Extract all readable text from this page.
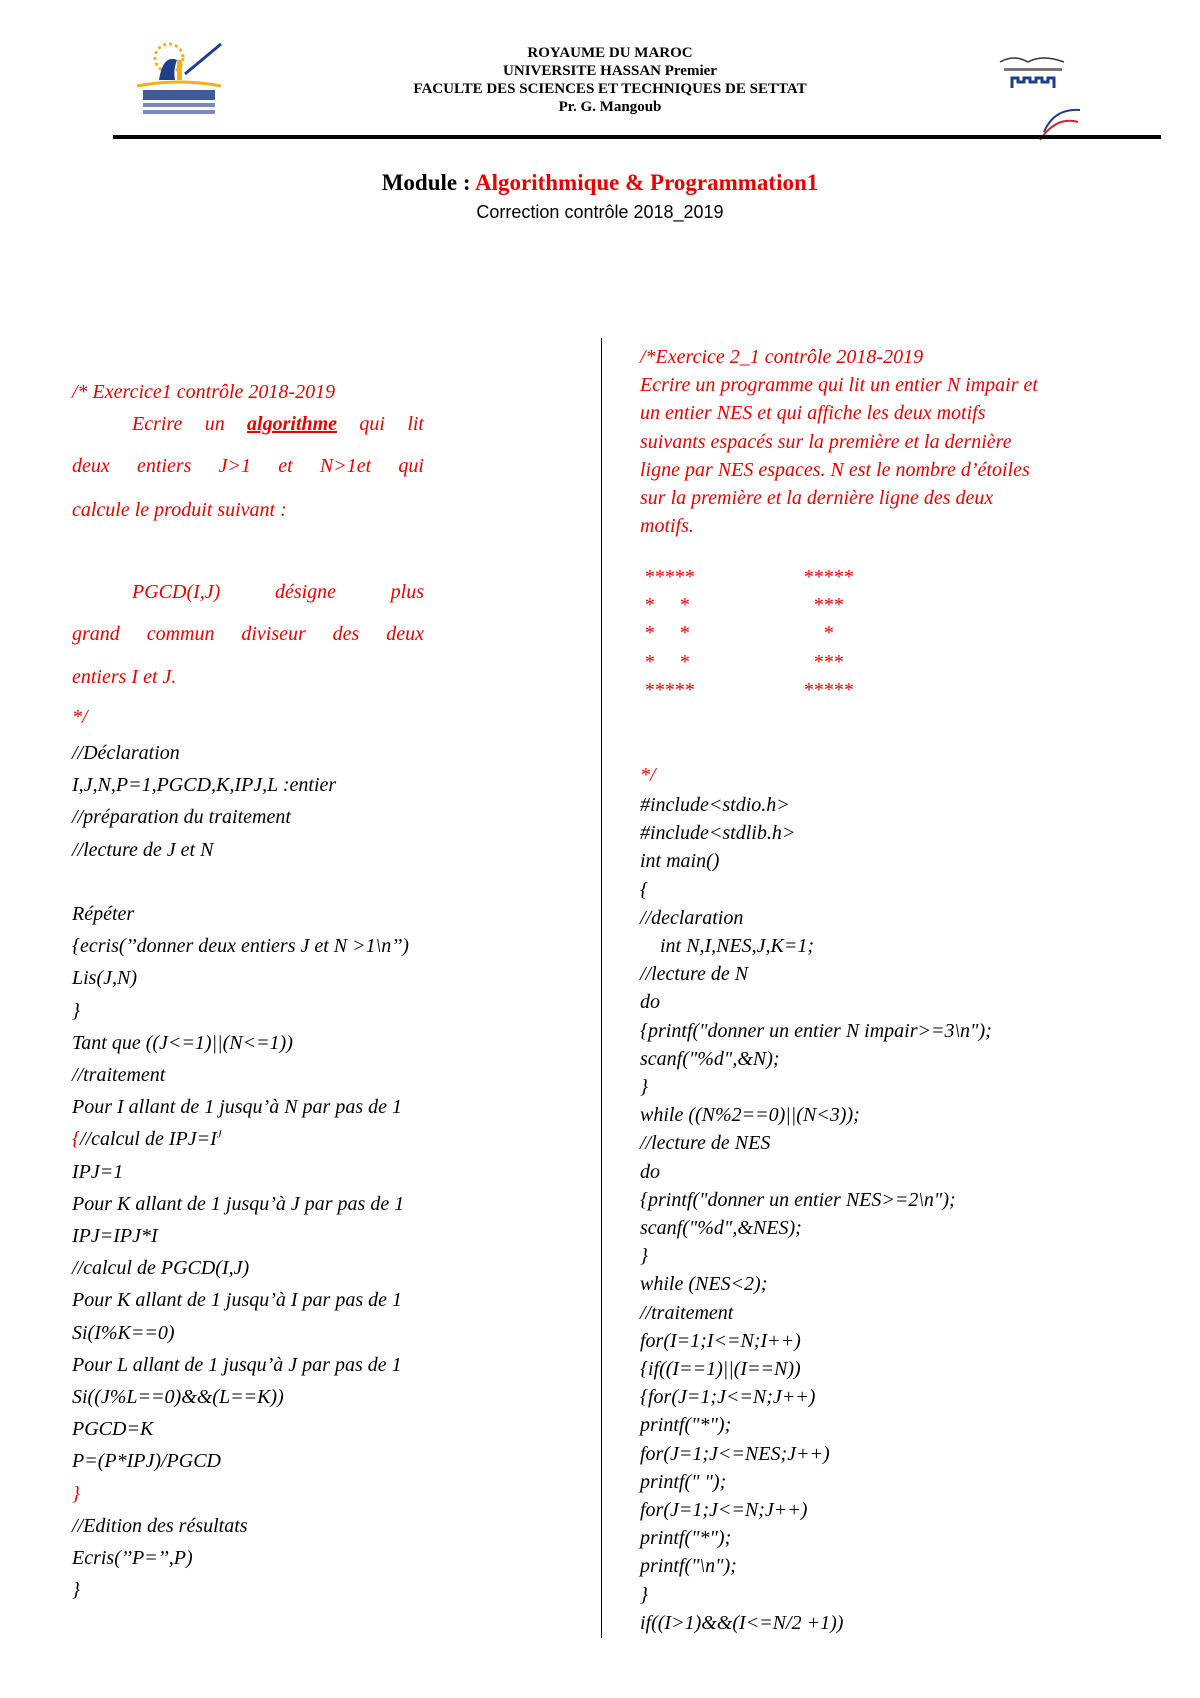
ROYAUME DU MAROC
UNIVERSITE HASSAN Premier
FACULTE DES SCIENCES ET TECHNIQUES DE SETTAT
Pr. G. Mangoub
Module : Algorithmique & Programmation1
Correction contrôle 2018_2019
/* Exercice1 contrôle 2018-2019
Ecrire un algorithme qui lit
deux entiers J>1 et N>1et qui
calcule le produit suivant :
PGCD(I,J)	désigne	plus
grand commun diviseur des deux
entiers I et J.
*/
//Déclaration
I,J,N,P=1,PGCD,K,IPJ,L :entier
//préparation du traitement
//lecture de J et N
Répéter
{ecris(’’donner deux entiers J et N >1\n’’)
Lis(J,N)
}
Tant que ((J<=1)||(N<=1))
//traitement
Pour I allant de 1 jusqu’à N par pas de 1
{//calcul de $IPJ=I^J$
IPJ=1
Pour K allant de 1 jusqu’à J par pas de 1
IPJ=IPJ*I
//calcul de PGCD(I,J)
Pour K allant de 1 jusqu’à I par pas de 1
Si(I%K==0)
Pour L allant de 1 jusqu’à J par pas de 1
Si((J%L==0)&&(L==K))
PGCD=K
P=(P*IPJ)/PGCD
}
//Edition des résultats
Ecris(’’P=’’,P)
}
/*Exercice 2_1 contrôle 2018-2019
Ecrire un programme qui lit un entier N impair et
un entier NES et qui affiche les deux motifs
suivants espacés sur la première et la dernière
ligne par NES espaces. N est le nombre d’étoiles
sur la première et la dernière ligne des deux
motifs.
*****
*     *
*     *
*     *
*****
*****
***
*
***
*****
*/
#include<stdio.h>
#include<stdlib.h>
int main()
{
//declaration
int N,I,NES,J,K=1;
//lecture de N
do
{printf("donner un entier N impair>=3\n");
scanf("%d",&N);
}
while ((N%2==0)||(N<3));
//lecture de NES
do
{printf("donner un entier NES>=2\n");
scanf("%d",&NES);
}
while (NES<2);
//traitement
for(I=1;I<=N;I++)
{if((I==1)||(I==N))
{for(J=1;J<=N;J++)
printf("*");
for(J=1;J<=NES;J++)
printf(" ");
for(J=1;J<=N;J++)
printf("*");
printf("\n");
}
if((I>1)&&(I<=N/2 +1))
